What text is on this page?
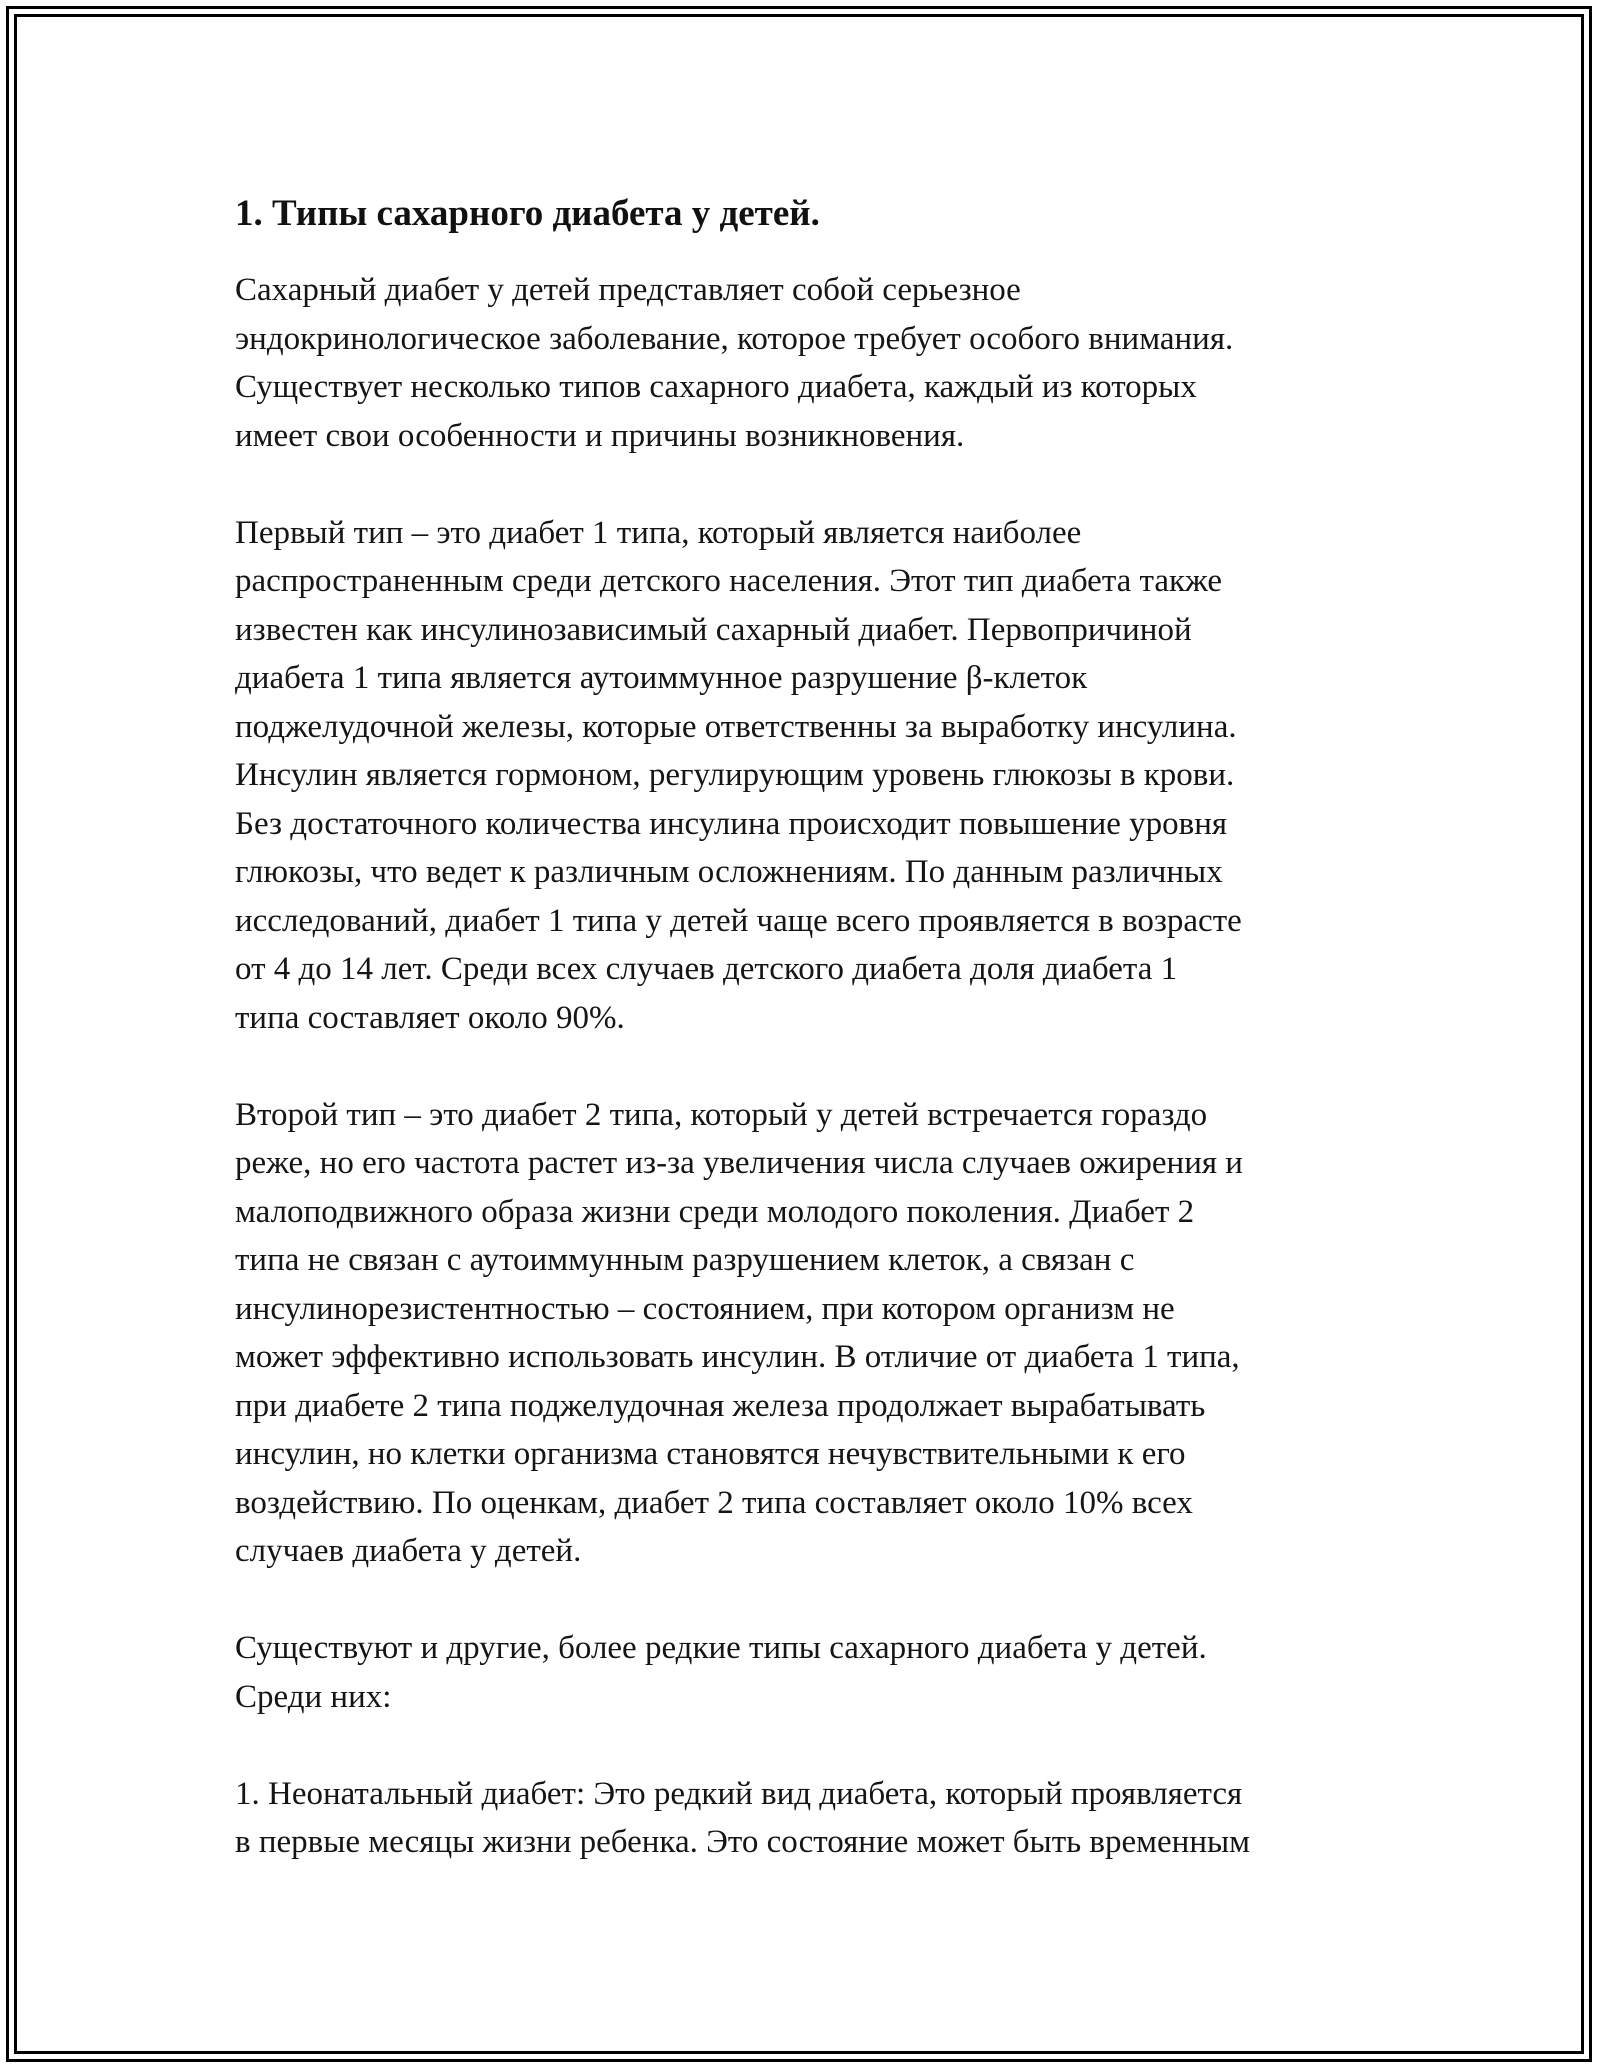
1. Типы сахарного диабета у детей.

Сахарный диабет у детей представляет собой серьезное
эндокринологическое заболевание, которое требует особого внимания.
Существует несколько типов сахарного диабета, каждый из которых
имеет свои особенности и причины возникновения.

Первый тип – это диабет 1 типа, который является наиболее
распространенным среди детского населения. Этот тип диабета также
известен как инсулинозависимый сахарный диабет. Первопричиной
диабета 1 типа является аутоиммунное разрушение β-клеток
поджелудочной железы, которые ответственны за выработку инсулина.
Инсулин является гормоном, регулирующим уровень глюкозы в крови.
Без достаточного количества инсулина происходит повышение уровня
глюкозы, что ведет к различным осложнениям. По данным различных
исследований, диабет 1 типа у детей чаще всего проявляется в возрасте
от 4 до 14 лет. Среди всех случаев детского диабета доля диабета 1
типа составляет около 90%.

Второй тип – это диабет 2 типа, который у детей встречается гораздо
реже, но его частота растет из-за увеличения числа случаев ожирения и
малоподвижного образа жизни среди молодого поколения. Диабет 2
типа не связан с аутоиммунным разрушением клеток, а связан с
инсулинорезистентностью – состоянием, при котором организм не
может эффективно использовать инсулин. В отличие от диабета 1 типа,
при диабете 2 типа поджелудочная железа продолжает вырабатывать
инсулин, но клетки организма становятся нечувствительными к его
воздействию. По оценкам, диабет 2 типа составляет около 10% всех
случаев диабета у детей.

Существуют и другие, более редкие типы сахарного диабета у детей.
Среди них:

1. Неонатальный диабет: Это редкий вид диабета, который проявляется
в первые месяцы жизни ребенка. Это состояние может быть временным
